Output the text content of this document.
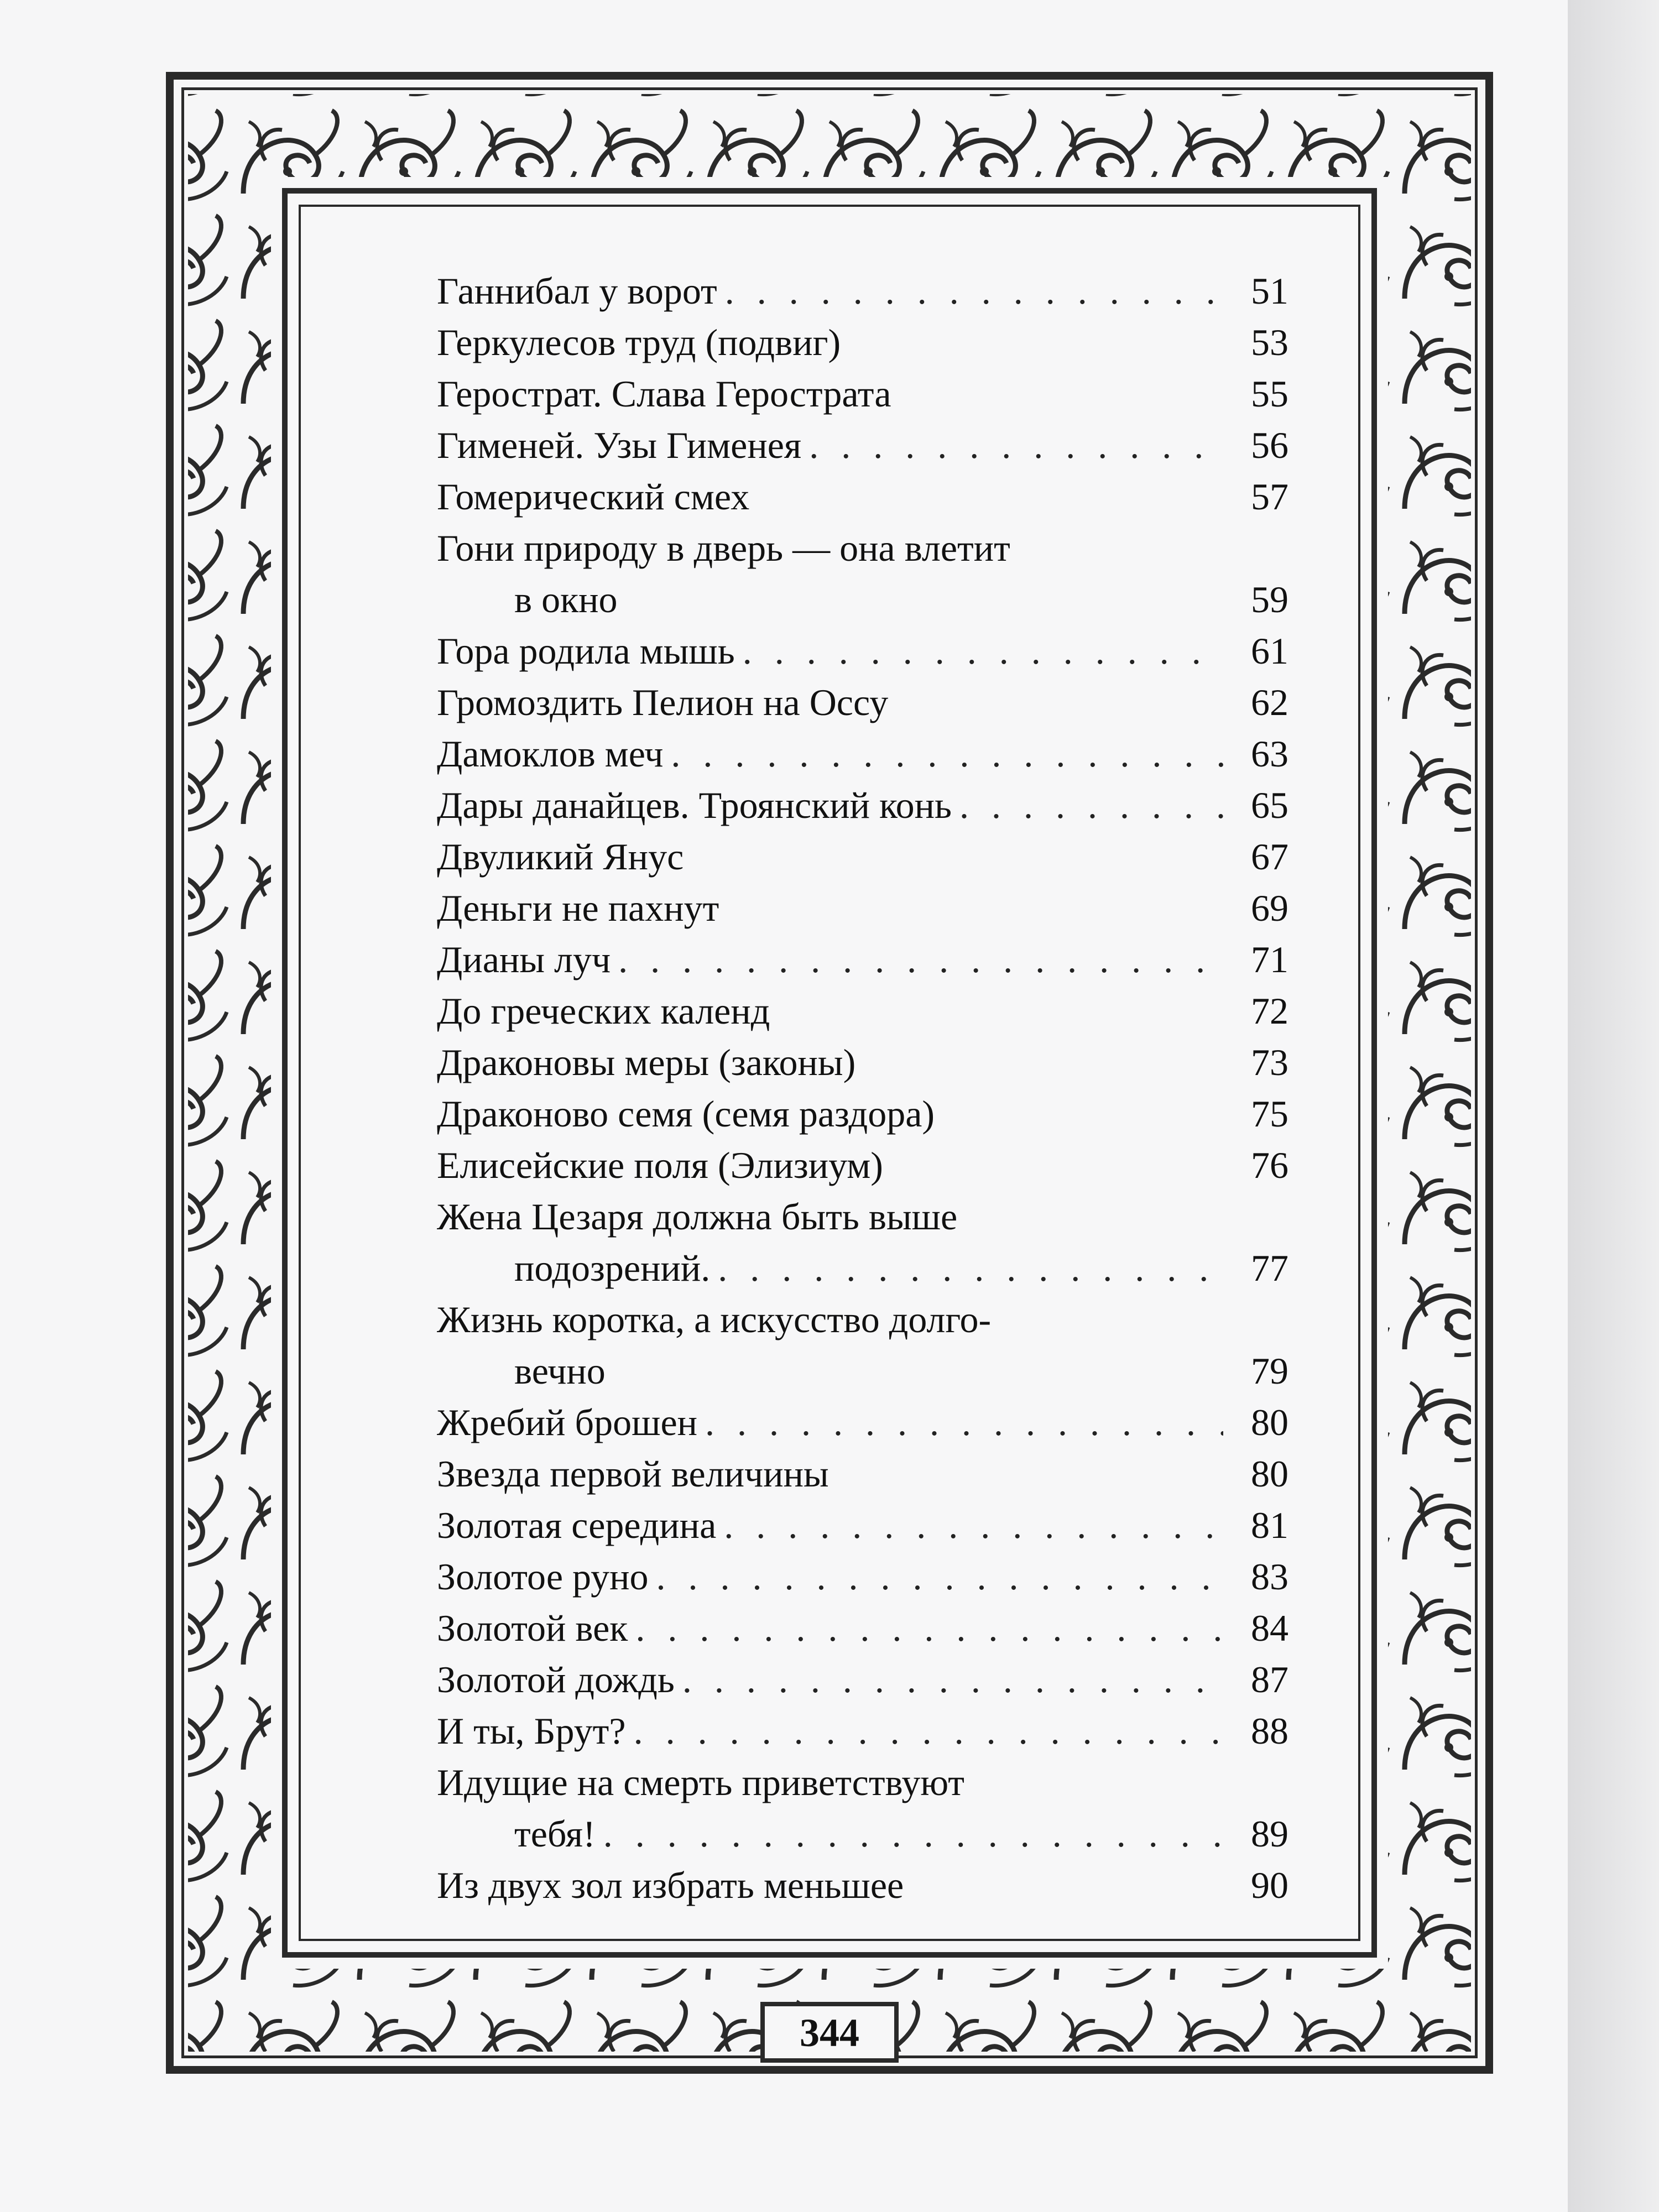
Ганнибал у ворот . . .	51
Геркулесов труд (подвиг)	53
Герострат. Слава Герострата	55
Гименей. Узы Гименея . . .	56
Гомерический смех	57
Гони природу в дверь — она влетит
в окно	59
Гора родила мышь . . .	61
Громоздить Пелион на Оссу	62
Дамоклов меч . . .	63
Дары данайцев. Троянский конь . . .	65
Двуликий Янус	67
Деньги не пахнут	69
Дианы луч . . .	71
До греческих календ	72
Драконовы меры (законы)	73
Драконово семя (семя раздора)	75
Елисейские поля (Элизиум)	76
Жена Цезаря должна быть выше
подозрений. . . .	77
Жизнь коротка, а искусство долго-
вечно	79
Жребий брошен . . .	80
Звезда первой величины	80
Золотая середина . . .	81
Золотое руно . . .	83
Золотой век . . .	84
Золотой дождь . . .	87
И ты, Брут? . . .	88
Идущие на смерть приветствуют
тебя! . . .	89
Из двух зол избрать меньшее	90
344
